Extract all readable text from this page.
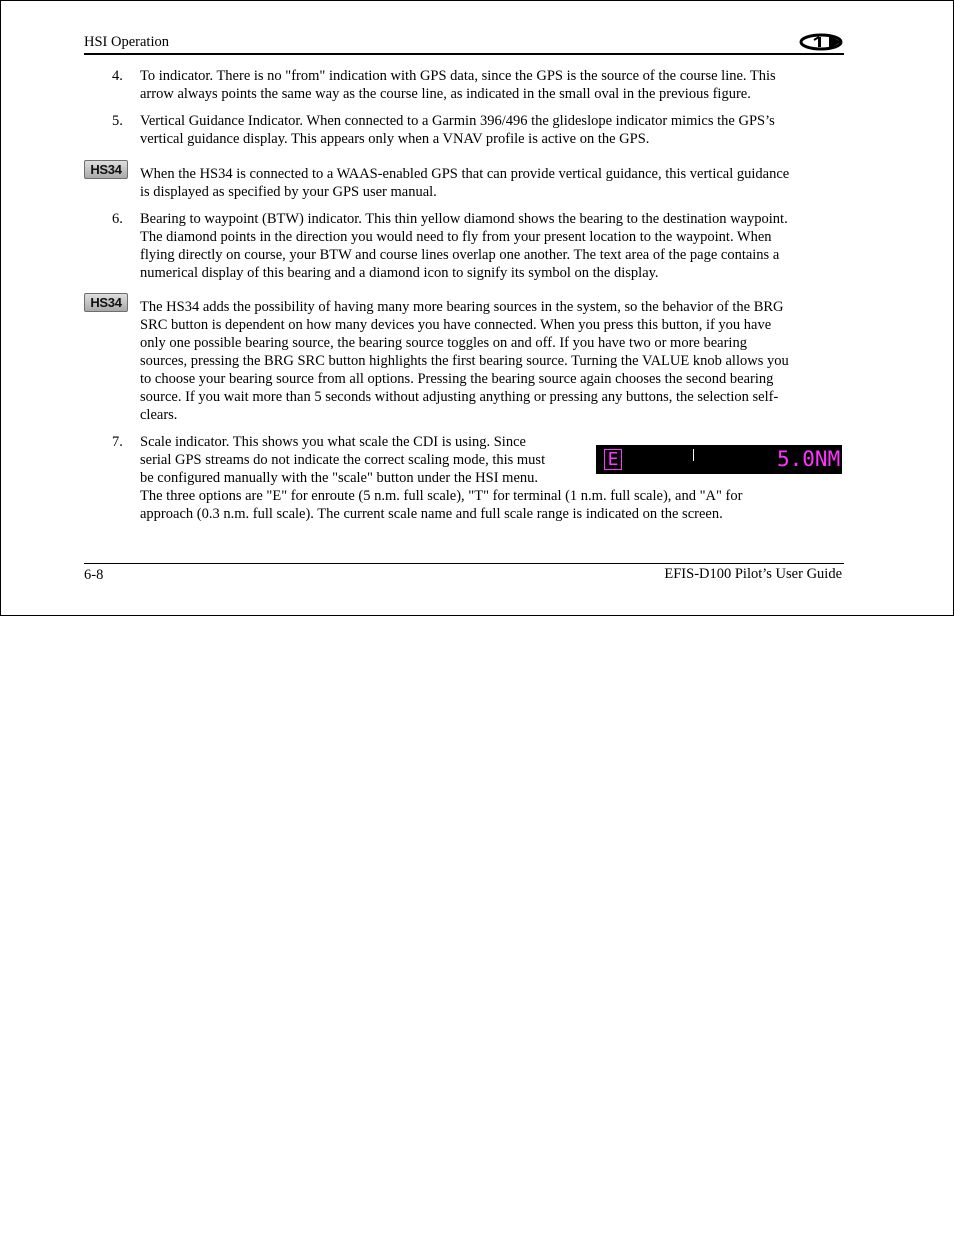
HSI Operation
4. To indicator. There is no "from" indication with GPS data, since the GPS is the source of the course line. This
arrow always points the same way as the course line, as indicated in the small oval in the previous figure.
5. Vertical Guidance Indicator. When connected to a Garmin 396/496 the glideslope indicator mimics the GPS’s
vertical guidance display. This appears only when a VNAV profile is active on the GPS.
HS34	When the HS34 is connected to a WAAS-enabled GPS that can provide vertical guidance, this vertical guidance
is displayed as specified by your GPS user manual.
6. Bearing to waypoint (BTW) indicator. This thin yellow diamond shows the bearing to the destination waypoint.
The diamond points in the direction you would need to fly from your present location to the waypoint. When
flying directly on course, your BTW and course lines overlap one another. The text area of the page contains a
numerical display of this bearing and a diamond icon to signify its symbol on the display.
HS34	The HS34 adds the possibility of having many more bearing sources in the system, so the behavior of the BRG
SRC button is dependent on how many devices you have connected. When you press this button, if you have
only one possible bearing source, the bearing source toggles on and off. If you have two or more bearing
sources, pressing the BRG SRC button highlights the first bearing source. Turning the VALUE knob allows you
to choose your bearing source from all options. Pressing the bearing source again chooses the second bearing
source. If you wait more than 5 seconds without adjusting anything or pressing any buttons, the selection self-
clears.
7. Scale indicator. This shows you what scale the CDI is using. Since
serial GPS streams do not indicate the correct scaling mode, this must
be configured manually with the "scale" button under the HSI menu.
The three options are "E" for enroute (5 n.m. full scale), "T" for terminal (1 n.m. full scale), and "A" for
approach (0.3 n.m. full scale). The current scale name and full scale range is indicated on the screen.
E	5.0NM
6-8	EFIS-D100 Pilot’s User Guide
